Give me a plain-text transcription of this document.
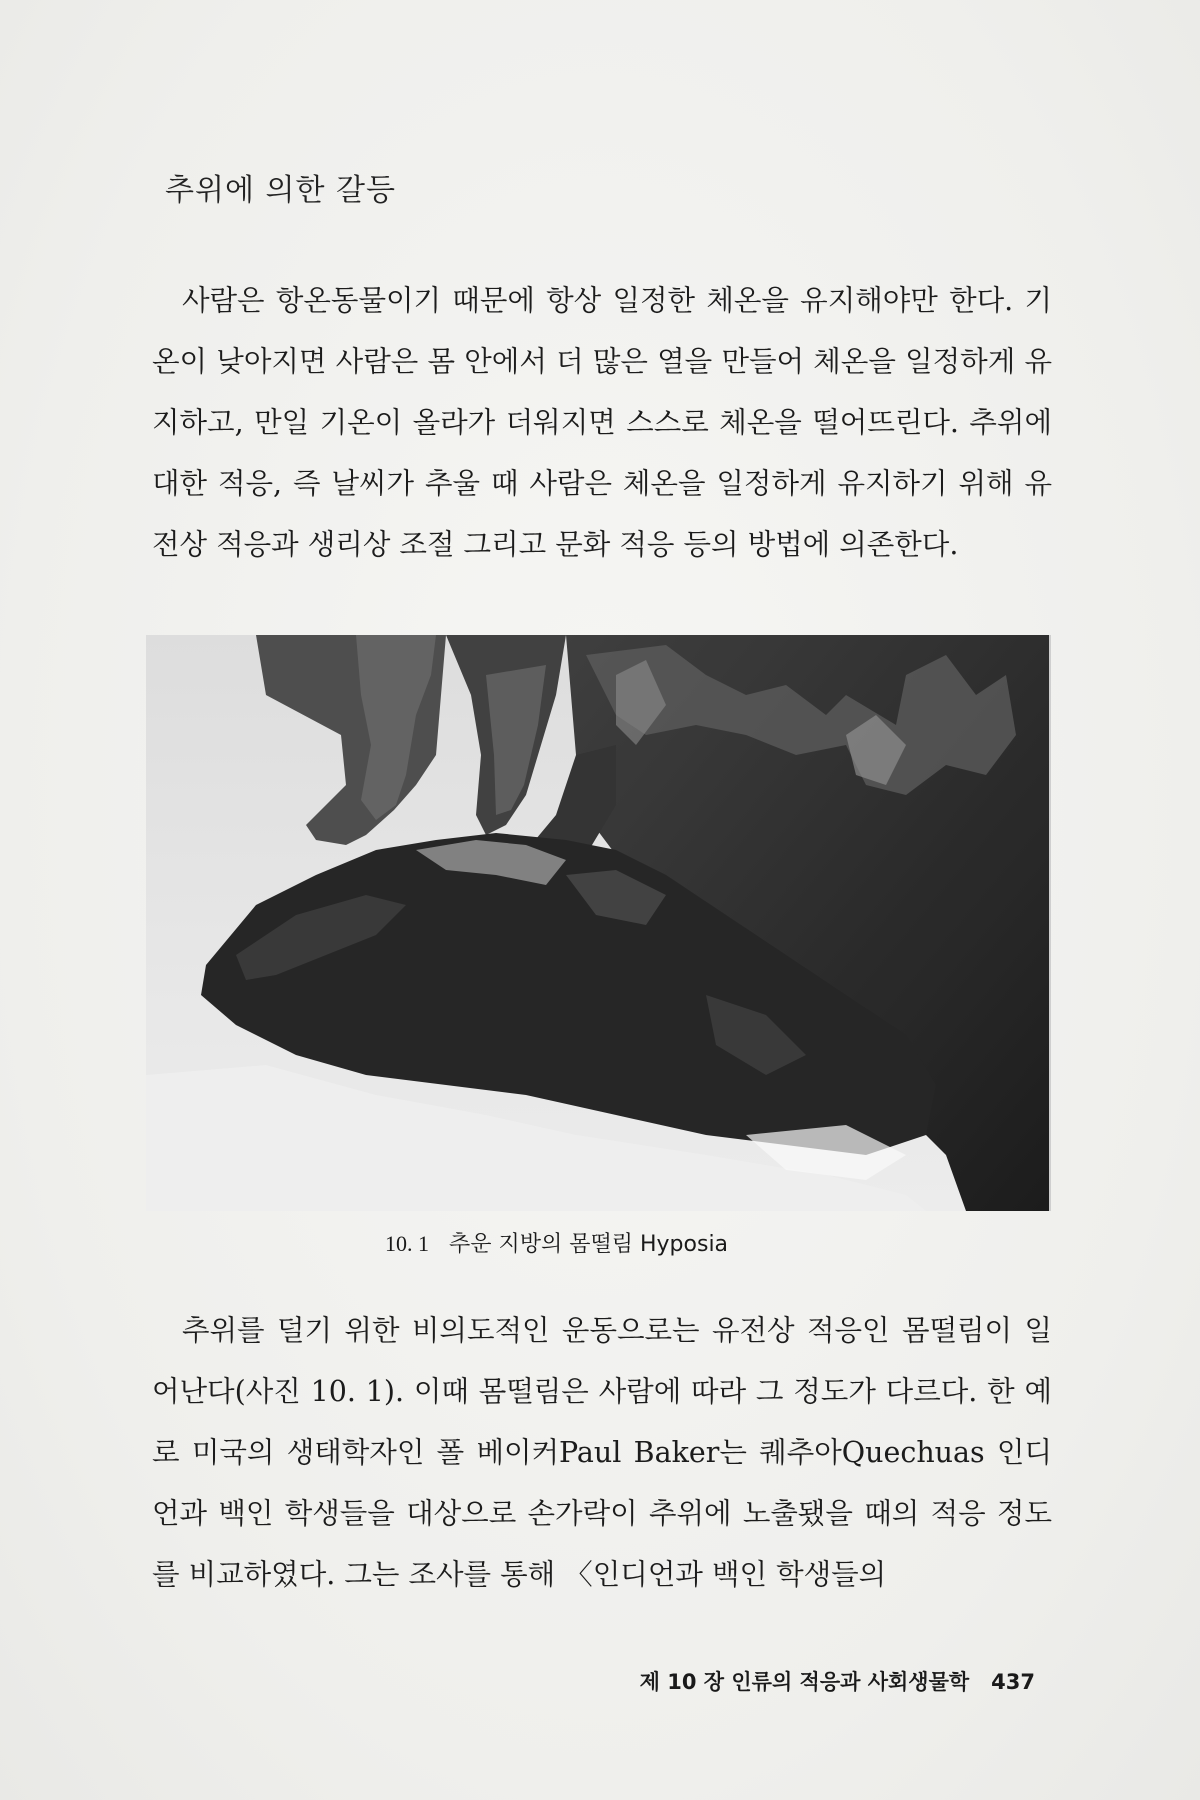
추위에 의한 갈등

사람은 항온동물이기 때문에 항상 일정한 체온을 유지해야만 한다. 기온이 낮아지면 사람은 몸 안에서 더 많은 열을 만들어 체온을 일정하게 유지하고, 만일 기온이 올라가 더워지면 스스로 체온을 떨어뜨린다. 추위에 대한 적응, 즉 날씨가 추울 때 사람은 체온을 일정하게 유지하기 위해 유전상 적응과 생리상 조절 그리고 문화 적응 등의 방법에 의존한다.

10. 1 추운 지방의 몸떨림 Hyposia

추위를 덜기 위한 비의도적인 운동으로는 유전상 적응인 몸떨림이 일어난다(사진 10. 1). 이때 몸떨림은 사람에 따라 그 정도가 다르다. 한 예로 미국의 생태학자인 폴 베이커Paul Baker는 퀘추아Quechuas 인디언과 백인 학생들을 대상으로 손가락이 추위에 노출됐을 때의 적응 정도를 비교하였다. 그는 조사를 통해 〈인디언과 백인 학생들의

제 10 장 인류의 적응과 사회생물학 437
